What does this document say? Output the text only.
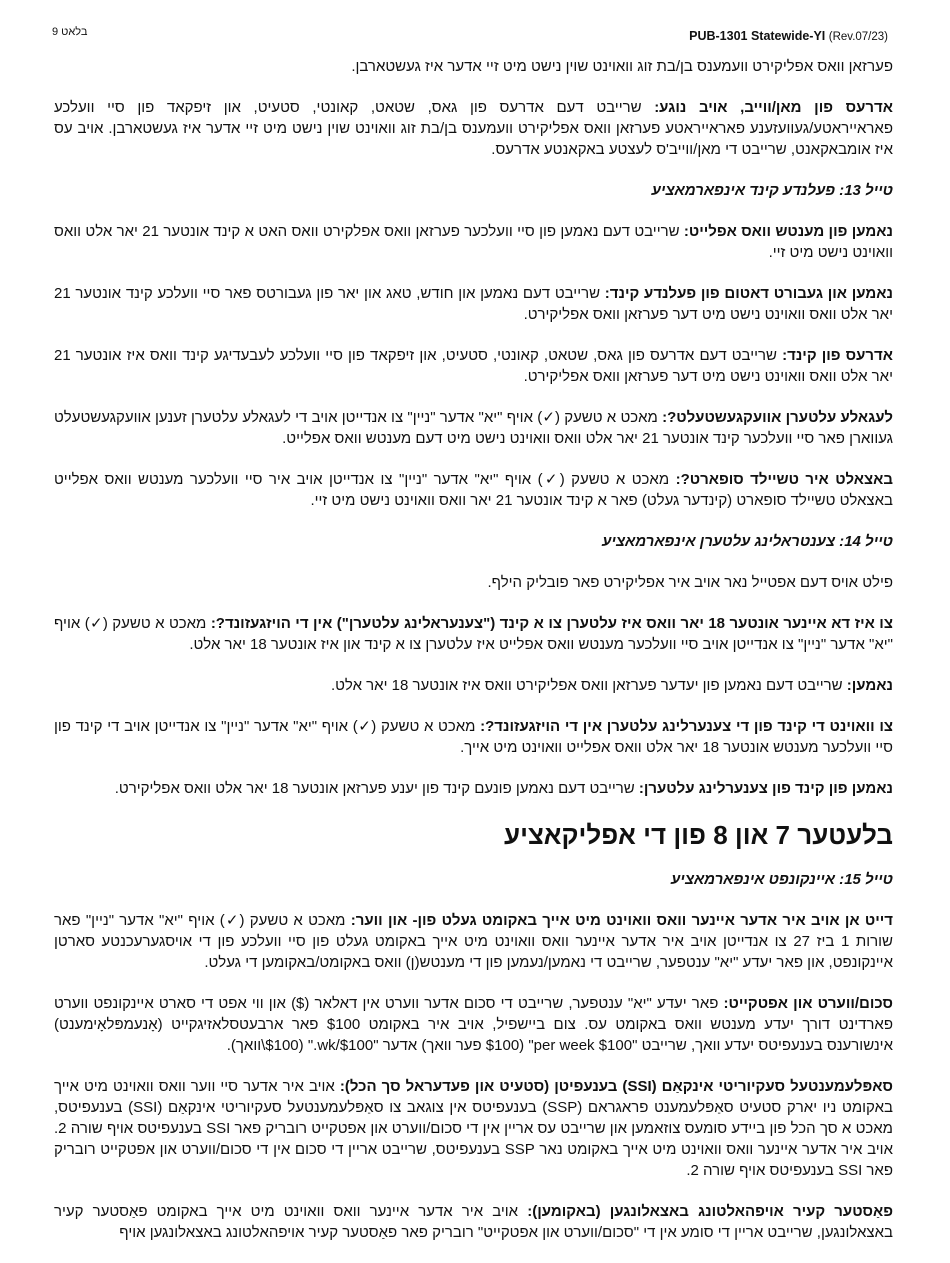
בלאט 9	PUB-1301 Statewide-YI (Rev.07/23)

פערזאן וואס אפליקירט וועמענס בן/בת זוג וואוינט שוין נישט מיט זיי אדער איז געשטארבן.

אדרעס פון מאן/ווייב, אויב נוגע: שרייבט דעם אדרעס פון גאס, שטאט, קאונטי, סטעיט, און זיפקאד פון סיי וועלכע פאראייראטע/געוועזענע פאראייראטע פערזאן וואס אפליקירט וועמענס בן/בת זוג וואוינט שוין נישט מיט זיי אדער איז געשטארבן. אויב עס איז אומבאקאנט, שרייבט די מאן/ווייב'ס לעצטע באקאנטע אדרעס.

טייל 13: פעלנדע קינד אינפארמאציע

נאמען פון מענטש וואס אפלייט: שרייבט דעם נאמען פון סיי וועלכער פערזאן וואס אפלקירט וואס האט א קינד אונטער 21 יאר אלט וואס וואוינט נישט מיט זיי.

נאמען און געבורט דאטום פון פעלנדע קינד: שרייבט דעם נאמען און חודש, טאג און יאר פון געבורטס פאר סיי וועלכע קינד אונטער 21 יאר אלט וואס וואוינט נישט מיט דער פערזאן וואס אפליקירט.

אדרעס פון קינד: שרייבט דעם אדרעס פון גאס, שטאט, קאונטי, סטעיט, און זיפקאד פון סיי וועלכע לעבעדיגע קינד וואס איז אונטער 21 יאר אלט וואס וואוינט נישט מיט דער פערזאן וואס אפליקירט.

לעגאלע עלטערן אוועקגעשטעלט?: מאכט א טשעק (✓) אויף "יא" אדער "ניין" צו אנדייטן אויב די לעגאלע עלטערן זענען אוועקגעשטעלט געווארן פאר סיי וועלכער קינד אונטער 21 יאר אלט וואס וואוינט נישט מיט דעם מענטש וואס אפלייט.

באצאלט איר טשיילד סופארט?: מאכט א טשעק (✓) אויף "יא" אדער "ניין" צו אנדייטן אויב איר סיי וועלכער מענטש וואס אפלייט באצאלט טשיילד סופארט (קינדער געלט) פאר א קינד אונטער 21 יאר וואס וואוינט נישט מיט זיי.

טייל 14: צענטראלינג עלטערן אינפארמאציע

פילט אויס דעם אפטייל נאר אויב איר אפליקירט פאר פובליק הילף.

צו איז דא איינער אונטער 18 יאר וואס איז עלטערן צו א קינד ("צענעראלינג עלטערן") אין די הויזגעזונד?: מאכט א טשעק (✓) אויף "יא" אדער "ניין" צו אנדייטן אויב סיי וועלכער מענטש וואס אפלייט איז עלטערן צו א קינד און איז אונטער 18 יאר אלט.

נאמען: שרייבט דעם נאמען פון יעדער פערזאן וואס אפליקירט וואס איז אונטער 18 יאר אלט.

צו וואוינט די קינד פון די צענערלינג עלטערן אין די הויזגעזונד?: מאכט א טשעק (✓) אויף "יא" אדער "ניין" צו אנדייטן אויב די קינד פון סיי וועלכער מענטש אונטער 18 יאר אלט וואס אפלייט וואוינט מיט אייך.

נאמען פון קינד פון צענערלינג עלטערן: שרייבט דעם נאמען פונעם קינד פון יענע פערזאן אונטער 18 יאר אלט וואס אפליקירט.

בלעטער 7 און 8 פון די אפליקאציע
טייל 15: איינקונפט אינפארמאציע

דייט אן אויב איר אדער איינער וואס וואוינט מיט אייך באקומט געלט פון- און ווער: מאכט א טשעק (✓) אויף "יא" אדער "ניין" פאר שורות 1 ביז 27 צו אנדייטן אויב איר אדער איינער וואס וואוינט מיט אייך באקומט געלט פון סיי וועלכע פון די אויסגערעכנטע סארטן איינקונפט, און פאר יעדע "יא" ענטפער, שרייבט די נאמען/נעמען פון די מענטש(ן) וואס באקומט/באקומען די געלט.

סכום/ווערט און אפטקייט: פאר יעדע "יא" ענטפער, שרייבט די סכום אדער ווערט אין דאלאר ($) און ווי אפט די סארט איינקונפט ווערט פארדינט דורך יעדע מענטש וואס באקומט עס. צום ביישפיל, אויב איר באקומט $100 פאר ארבעטסלאזיגקייט (אָנעמפּלאָימענט) אינשורענס בענעפיטס יעדע וואך, שרייבט "$100 per week" ($100 פער וואך) אדער "$100/wk." ($100\וואך).

סאפּלעמענטעל סעקיוריטי אינקאַם (SSI) בענעפיטן (סטעיט און פעדעראל סך הכל): אויב איר אדער סיי ווער וואס וואוינט מיט אייך באקומט ניו יארק סטעיט סאַפּלעמענט פראגראם (SSP) בענעפיטס אין צוגאב צו סאַפּלעמענטעל סעקיוריטי אינקאַם (SSI) בענעפיטס, מאכט א סך הכל פון ביידע סומעס צוזאמען און שרייבט עס אריין אין די סכום/ווערט און אפטקייט רובריק פאר SSI בענעפיטס אויף שורה 2. אויב איר אדער איינער וואס וואוינט מיט אייך באקומט נאר SSP בענעפיטס, שרייבט אריין די סכום אין די סכום/ווערט און אפטקייט רובריק פאר SSI בענעפיטס אויף שורה 2.

פאַסטער קעיר אויפהאלטונג באצאלונגען (באקומען): אויב איר אדער איינער וואס וואוינט מיט אייך באקומט פאַסטער קעיר באצאלונגען, שרייבט אריין די סומע אין די "סכום/ווערט און אפטקייט" רובריק פאר פאַסטער קעיר אויפהאלטונג באצאלונגען אויף
